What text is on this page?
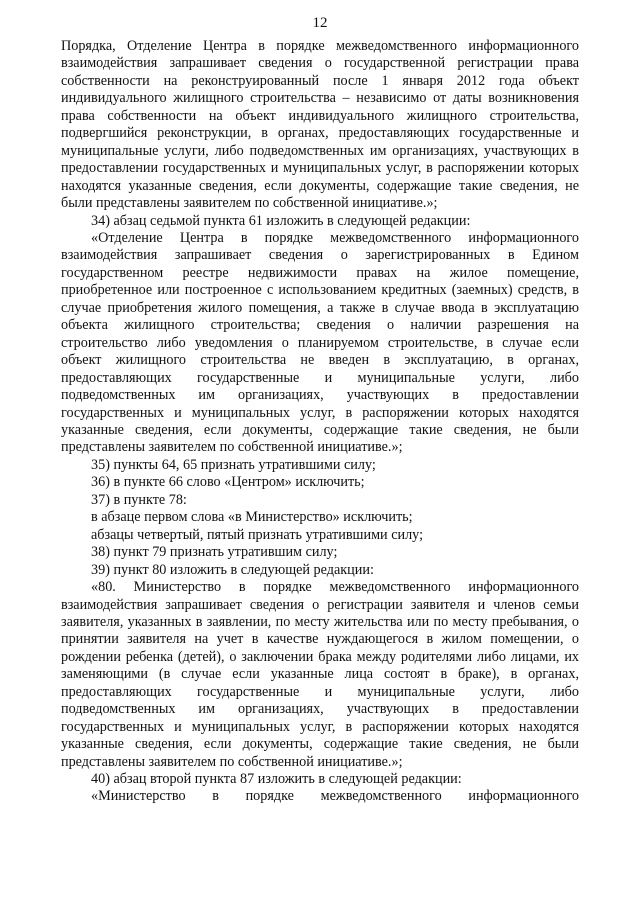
12

Порядка, Отделение Центра в порядке межведомственного информационного взаимодействия запрашивает сведения о государственной регистрации права собственности на реконструированный после 1 января 2012 года объект индивидуального жилищного строительства – независимо от даты возникновения права собственности на объект индивидуального жилищного строительства, подвергшийся реконструкции, в органах, предоставляющих государственные и муниципальные услуги, либо подведомственных им организациях, участвующих в предоставлении государственных и муниципальных услуг, в распоряжении которых находятся указанные сведения, если документы, содержащие такие сведения, не были представлены заявителем по собственной инициативе.»;

34) абзац седьмой пункта 61 изложить в следующей редакции:

«Отделение Центра в порядке межведомственного информационного взаимодействия запрашивает сведения о зарегистрированных в Едином государственном реестре недвижимости правах на жилое помещение, приобретенное или построенное с использованием кредитных (заемных) средств, в случае приобретения жилого помещения, а также в случае ввода в эксплуатацию объекта жилищного строительства; сведения о наличии разрешения на строительство либо уведомления о планируемом строительстве, в случае если объект жилищного строительства не введен в эксплуатацию, в органах, предоставляющих государственные и муниципальные услуги, либо подведомственных им организациях, участвующих в предоставлении государственных и муниципальных услуг, в распоряжении которых находятся указанные сведения, если документы, содержащие такие сведения, не были представлены заявителем по собственной инициативе.»;

35) пункты 64, 65 признать утратившими силу;

36) в пункте 66 слово «Центром» исключить;

37) в пункте 78:

в абзаце первом слова «в Министерство» исключить;

абзацы четвертый, пятый признать утратившими силу;

38) пункт 79 признать утратившим силу;

39) пункт 80 изложить в следующей редакции:

«80. Министерство в порядке межведомственного информационного взаимодействия запрашивает сведения о регистрации заявителя и членов семьи заявителя, указанных в заявлении, по месту жительства или по месту пребывания, о принятии заявителя на учет в качестве нуждающегося в жилом помещении, о рождении ребенка (детей), о заключении брака между родителями либо лицами, их заменяющими (в случае если указанные лица состоят в браке), в органах, предоставляющих государственные и муниципальные услуги, либо подведомственных им организациях, участвующих в предоставлении государственных и муниципальных услуг, в распоряжении которых находятся указанные сведения, если документы, содержащие такие сведения, не были представлены заявителем по собственной инициативе.»;

40) абзац второй пункта 87 изложить в следующей редакции:

«Министерство в порядке межведомственного информационного
